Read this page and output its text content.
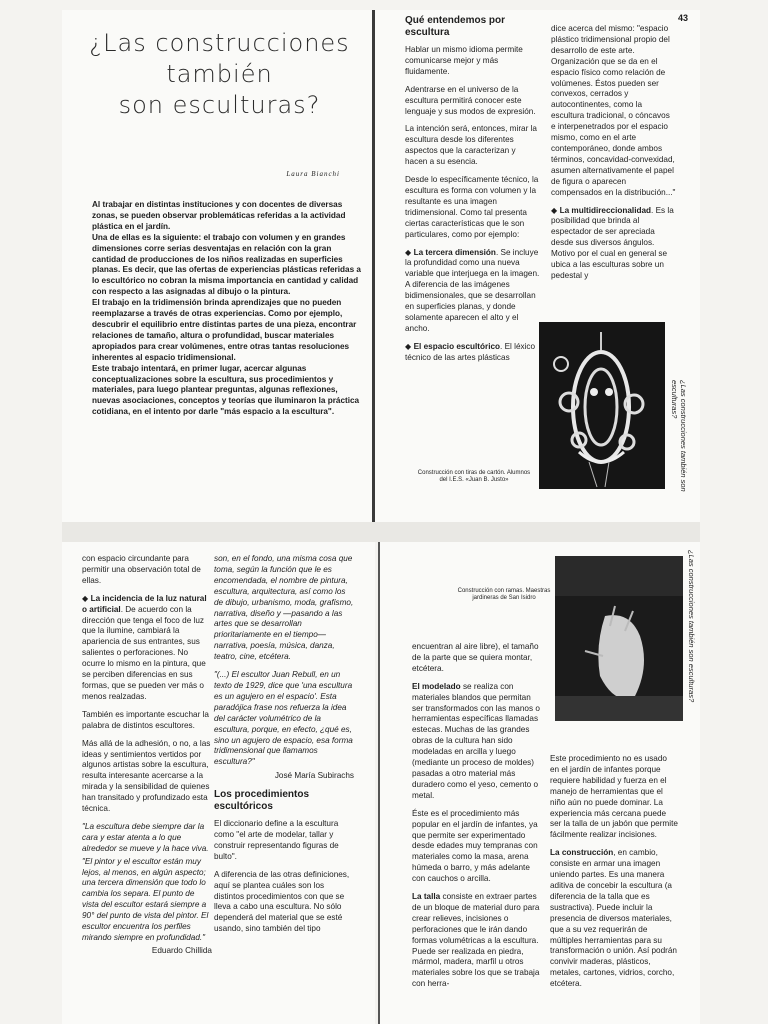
¿Las construcciones
también
son esculturas?
Laura Bianchi

Al trabajar en distintas instituciones y con docentes de diversas zonas, se pueden observar problemáticas referidas a la actividad plástica en el jardín.

Una de ellas es la siguiente: el trabajo con volumen y en grandes dimensiones corre serias desventajas en relación con la gran cantidad de producciones de los niños realizadas en superficies planas. Es decir, que las ofertas de experiencias plásticas referidas a lo escultórico no cobran la misma importancia en cantidad y calidad con respecto a las asignadas al dibujo o la pintura.

El trabajo en la tridimensión brinda aprendizajes que no pueden reemplazarse a través de otras experiencias. Como por ejemplo, descubrir el equilibrio entre distintas partes de una pieza, encontrar relaciones de tamaño, altura o profundidad, buscar materiales apropiados para crear volúmenes, entre otras tantas resoluciones inherentes al espacio tridimensional.

Este trabajo intentará, en primer lugar, acercar algunas conceptualizaciones sobre la escultura, sus procedimientos y materiales, para luego plantear preguntas, algunas reflexiones, nuevas asociaciones, conceptos y teorías que iluminaron la práctica cotidiana, en el intento por darle "más espacio a la escultura".

43
Qué entendemos por escultura

Hablar un mismo idioma permite comunicarse mejor y más fluidamente.

Adentrarse en el universo de la escultura permitirá conocer este lenguaje y sus modos de expresión.

La intención será, entonces, mirar la escultura desde los diferentes aspectos que la caracterizan y hacen a su esencia.

Desde lo específicamente técnico, la escultura es forma con volumen y la resultante es una imagen tridimensional. Como tal presenta ciertas características que le son particulares, como por ejemplo:

◆ La tercera dimensión. Se incluye la profundidad como una nueva variable que interjuega en la imagen. A diferencia de las imágenes bidimensionales, que se desarrollan en superficies planas, y donde solamente aparecen el alto y el ancho.

◆ El espacio escultórico. El léxico técnico de las artes plásticas

dice acerca del mismo: "espacio plástico tridimensional propio del desarrollo de este arte. Organización que se da en el espacio físico como relación de volúmenes. Éstos pueden ser convexos, cerrados y autocontinentes, como la escultura tradicional, o cóncavos e interpenetrados por el espacio mismo, como en el arte contemporáneo, donde ambos términos, concavidad-convexidad, asumen alternativamente el papel de figura o aparecen compensados en la distribución..."

◆ La multidireccionalidad. Es la posibilidad que brinda al espectador de ser apreciada desde sus diversos ángulos. Motivo por el cual en general se ubica a las esculturas sobre un pedestal y

Construcción con tiras de cartón. Alumnos del I.E.S. «Juan B. Justo»	¿Las construcciones también son esculturas?

con espacio circundante para permitir una observación total de ellas.

◆ La incidencia de la luz natural o artificial. De acuerdo con la dirección que tenga el foco de luz que la ilumine, cambiará la apariencia de sus entrantes, sus salientes o perforaciones. No ocurre lo mismo en la pintura, que se perciben diferencias en sus formas, que se pueden ver más o menos realzadas.

También es importante escuchar la palabra de distintos escultores.

Más allá de la adhesión, o no, a las ideas y sentimientos vertidos por algunos artistas sobre la escultura, resulta interesante acercarse a la mirada y la sensibilidad de quienes han transitado y profundizado esta técnica.

"La escultura debe siempre dar la cara y estar atenta a lo que alrededor se mueve y la hace viva.

"El pintor y el escultor están muy lejos, al menos, en algún aspecto; una tercera dimensión que todo lo cambia los separa. El punto de vista del escultor estará siempre a 90° del punto de vista del pintor. El escultor encuentra los perfiles mirando siempre en profundidad."

Eduardo Chillida

son, en el fondo, una misma cosa que toma, según la función que le es encomendada, el nombre de pintura, escultura, arquitectura, así como los de dibujo, urbanismo, moda, grafismo, narrativa, diseño y —pasando a las artes que se desarrollan prioritariamente en el tiempo— narrativa, poesía, música, danza, teatro, cine, etcétera.

"(...) El escultor Juan Rebull, en un texto de 1929, dice que 'una escultura es un agujero en el espacio'. Esta paradójica frase nos refuerza la idea del carácter volumétrico de la escultura, porque, en efecto, ¿qué es, sino un agujero de espacio, esa forma tridimensional que llamamos escultura?"

José María Subirachs

Los procedimientos escultóricos

El diccionario define a la escultura como "el arte de modelar, tallar y construir representando figuras de bulto".

A diferencia de las otras definiciones, aquí se plantea cuáles son los distintos procedimientos con que se lleva a cabo una escultura. No sólo dependerá del material que se esté usando, sino también del tipo

Construcción con ramas. Maestras jardineras de San Isidro

encuentran al aire libre), el tamaño de la parte que se quiera montar, etcétera.

El modelado se realiza con materiales blandos que permitan ser transformados con las manos o herramientas específicas llamadas estecas. Muchas de las grandes obras de la cultura han sido modeladas en arcilla y luego (mediante un proceso de moldes) pasadas a otro material más duradero como el yeso, cemento o metal.

Éste es el procedimiento más popular en el jardín de infantes, ya que permite ser experimentado desde edades muy tempranas con materiales como la masa, arena húmeda o barro, y más adelante con cauchos o arcilla.

La talla consiste en extraer partes de un bloque de material duro para crear relieves, incisiones o perforaciones que le irán dando formas volumétricas a la escultura. Puede ser realizada en piedra, mármol, madera, marfil u otros materiales sobre los que se trabaja con herra-

Este procedimiento no es usado en el jardín de infantes porque requiere habilidad y fuerza en el manejo de herramientas que el niño aún no puede dominar. La experiencia más cercana puede ser la talla de un jabón que permite fácilmente realizar incisiones.

La construcción, en cambio, consiste en armar una imagen uniendo partes. Es una manera aditiva de concebir la escultura (a diferencia de la talla que es sustractiva). Puede incluir la presencia de diversos materiales, que a su vez requerirán de múltiples herramientas para su transformación o unión. Así podrán convivir maderas, plásticos, metales, cartones, vidrios, corcho, etcétera.

¿Las construcciones también son esculturas?
